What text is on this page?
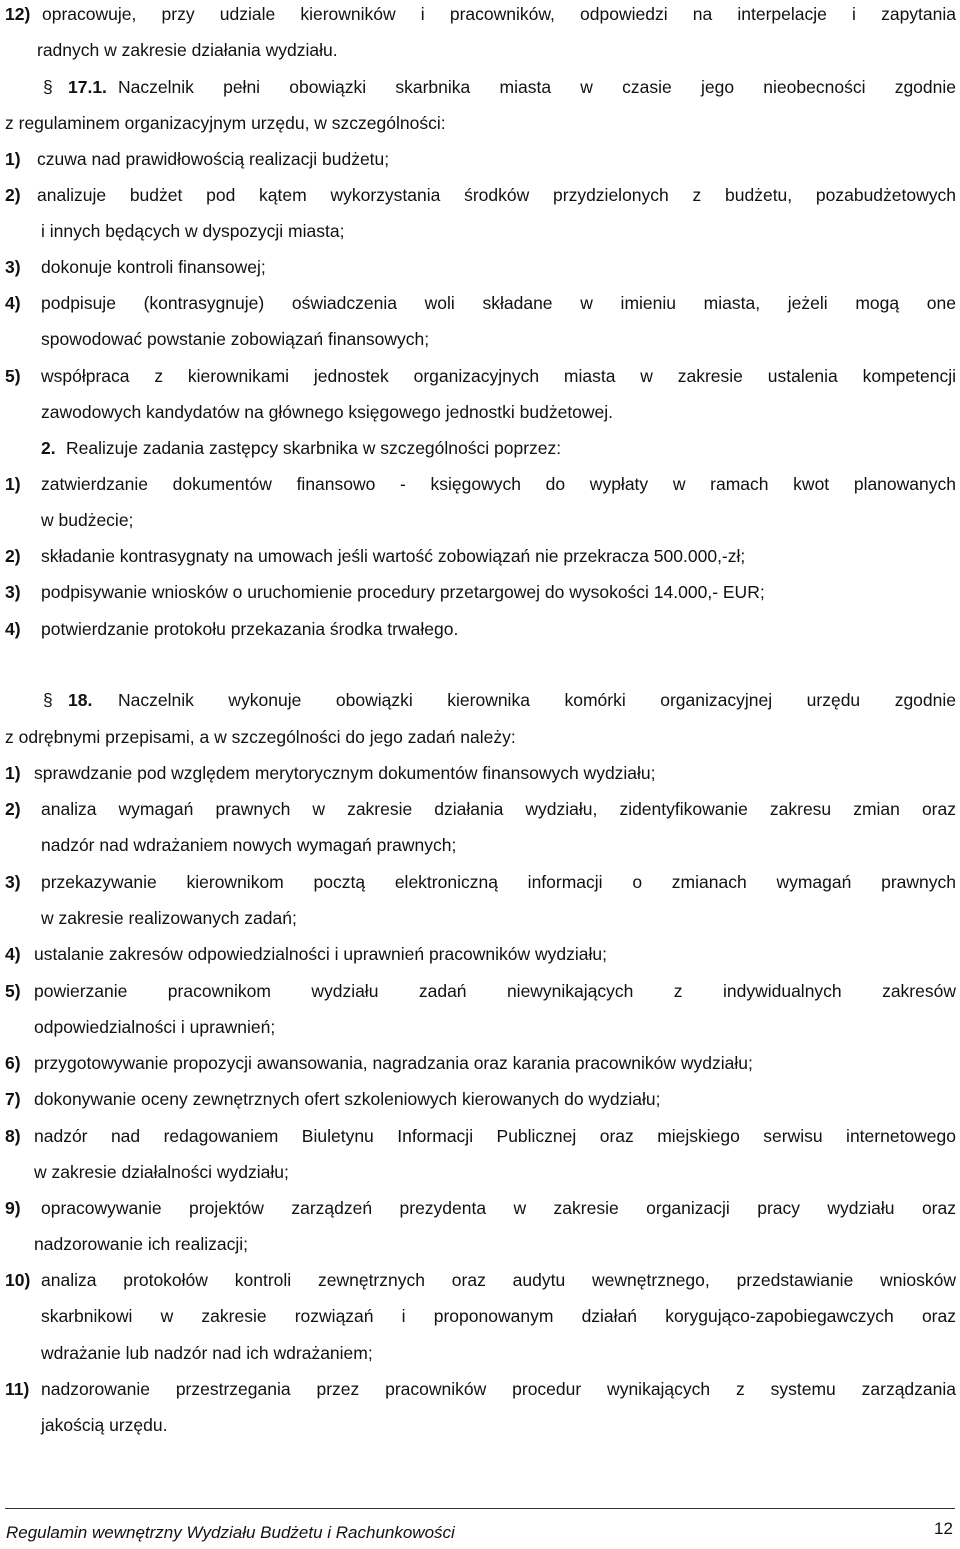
12) opracowuje, przy udziale kierowników i pracowników, odpowiedzi na interpelacje i zapytania
radnych w zakresie działania wydziału.
§ 17.1. Naczelnik pełni obowiązki skarbnika miasta w czasie jego nieobecności zgodnie
z regulaminem organizacyjnym urzędu, w szczególności:
1) czuwa nad prawidłowością realizacji budżetu;
2) analizuje budżet pod kątem wykorzystania środków przydzielonych z budżetu, pozabudżetowych
i innych będących w dyspozycji miasta;
3) dokonuje kontroli finansowej;
4) podpisuje (kontrasygnuje) oświadczenia woli składane w imieniu miasta, jeżeli mogą one
spowodować powstanie zobowiązań finansowych;
5) współpraca z kierownikami jednostek organizacyjnych miasta w zakresie ustalenia kompetencji
zawodowych kandydatów na głównego księgowego jednostki budżetowej.
2. Realizuje zadania zastępcy skarbnika w szczególności poprzez:
1) zatwierdzanie dokumentów finansowo - księgowych do wypłaty w ramach kwot planowanych
w budżecie;
2) składanie kontrasygnaty na umowach jeśli wartość zobowiązań nie przekracza 500.000,-zł;
3) podpisywanie wniosków o uruchomienie procedury przetargowej do wysokości 14.000,- EUR;
4) potwierdzanie protokołu przekazania środka trwałego.
§ 18. Naczelnik wykonuje obowiązki kierownika komórki organizacyjnej urzędu zgodnie
z odrębnymi przepisami, a w szczególności do jego zadań należy:
1) sprawdzanie pod względem merytorycznym dokumentów finansowych wydziału;
2) analiza wymagań prawnych w zakresie działania wydziału, zidentyfikowanie zakresu zmian oraz
nadzór nad wdrażaniem nowych wymagań prawnych;
3) przekazywanie kierownikom pocztą elektroniczną informacji o zmianach wymagań prawnych
w zakresie realizowanych zadań;
4) ustalanie zakresów odpowiedzialności i uprawnień pracowników wydziału;
5) powierzanie pracownikom wydziału zadań niewynikających z indywidualnych zakresów
odpowiedzialności i uprawnień;
6) przygotowywanie propozycji awansowania, nagradzania oraz karania pracowników wydziału;
7) dokonywanie oceny zewnętrznych ofert szkoleniowych kierowanych do wydziału;
8) nadzór nad redagowaniem Biuletynu Informacji Publicznej oraz miejskiego serwisu internetowego
w zakresie działalności wydziału;
9) opracowywanie projektów zarządzeń prezydenta w zakresie organizacji pracy wydziału oraz
nadzorowanie ich realizacji;
10) analiza protokołów kontroli zewnętrznych oraz audytu wewnętrznego, przedstawianie wniosków
skarbnikowi w zakresie rozwiązań i proponowanym działań korygująco-zapobiegawczych oraz
wdrażanie lub nadzór nad ich wdrażaniem;
11) nadzorowanie przestrzegania przez pracowników procedur wynikających z systemu zarządzania
jakością urzędu.
Regulamin wewnętrzny Wydziału Budżetu i Rachunkowości	12
